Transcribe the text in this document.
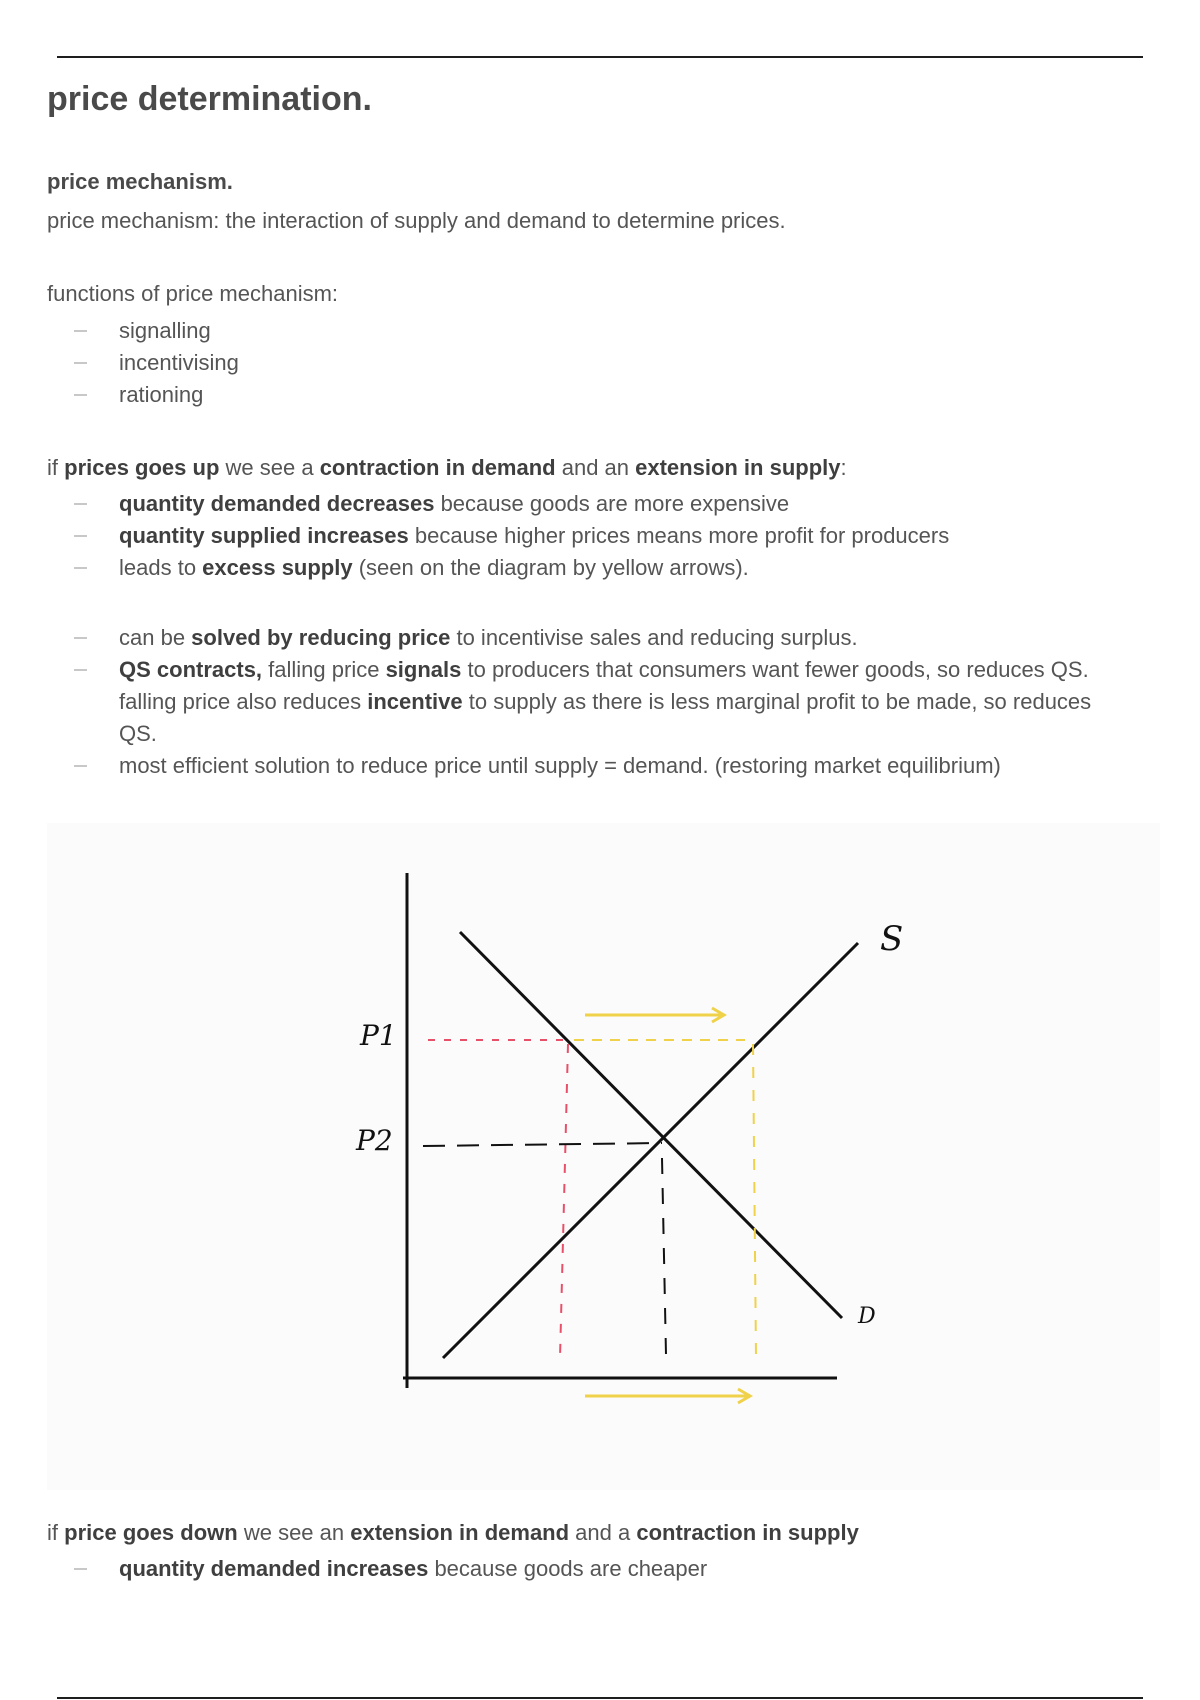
price determination.
price mechanism.
price mechanism: the interaction of supply and demand to determine prices.
functions of price mechanism:
signalling
incentivising
rationing
if prices goes up we see a contraction in demand and an extension in supply:
quantity demanded decreases because goods are more expensive
quantity supplied increases because higher prices means more profit for producers
leads to excess supply (seen on the diagram by yellow arrows).
can be solved by reducing price to incentivise sales and reducing surplus.
QS contracts, falling price signals to producers that consumers want fewer goods, so reduces QS. falling price also reduces incentive to supply as there is less marginal profit to be made, so reduces QS.
most efficient solution to reduce price until supply = demand. (restoring market equilibrium)
S
D
P1
P2
if price goes down we see an extension in demand and a contraction in supply
quantity demanded increases because goods are cheaper
